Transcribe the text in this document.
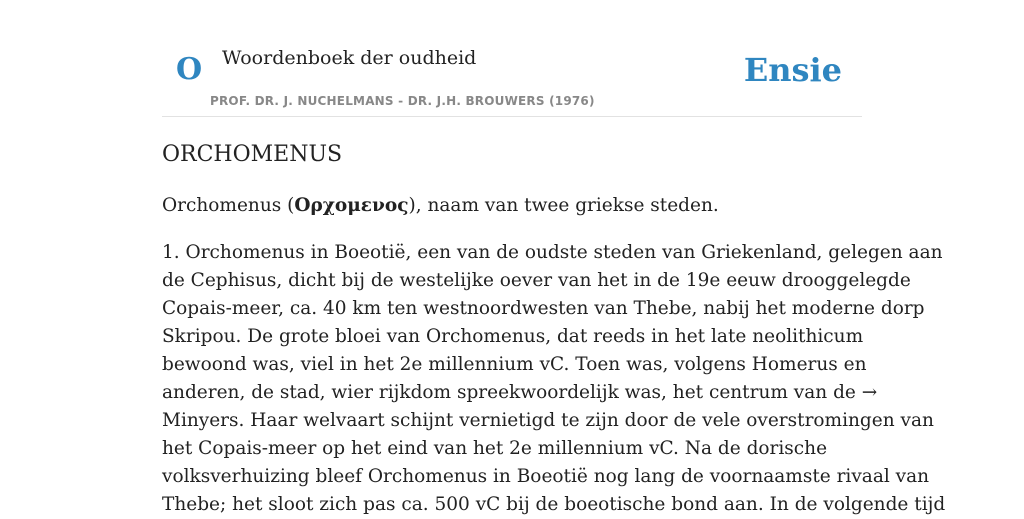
O Woordenboek der oudheid
PROF. DR. J. NUCHELMANS - DR. J.H. BROUWERS (1976)
Ensie
ORCHOMENUS

Orchomenus (Ορχομενος), naam van twee griekse steden.

1. Orchomenus in Boeotië, een van de oudste steden van Griekenland, gelegen aan
de Cephisus, dicht bij de westelijke oever van het in de 19e eeuw drooggelegde
Copais-meer, ca. 40 km ten westnoordwesten van Thebe, nabij het moderne dorp
Skripou. De grote bloei van Orchomenus, dat reeds in het late neolithicum
bewoond was, viel in het 2e millennium vC. Toen was, volgens Homerus en
anderen, de stad, wier rijkdom spreekwoordelijk was, het centrum van de →
Minyers. Haar welvaart schijnt vernietigd te zijn door de vele overstromingen van
het Copais-meer op het eind van het 2e millennium vC. Na de dorische
volksverhuizing bleef Orchomenus in Boeotië nog lang de voornaamste rivaal van
Thebe; het sloot zich pas ca. 500 vC bij de boeotische bond aan. In de volgende tijd
